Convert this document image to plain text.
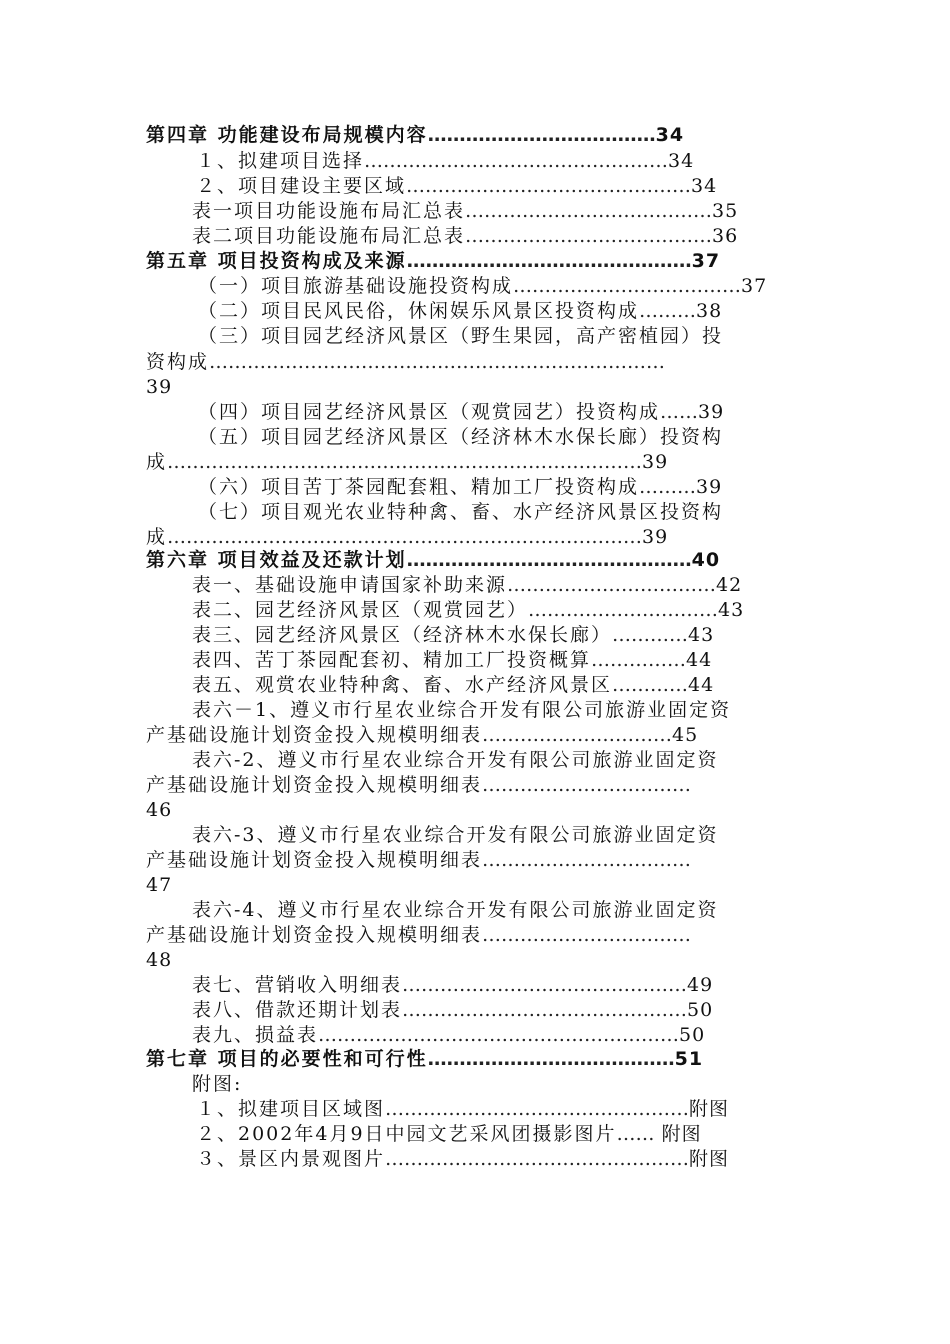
第四章 功能建设布局规模内容………………………………34
１、拟建项目选择…………………………………………34
２、项目建设主要区域………………………………………34
表一项目功能设施布局汇总表…………………………………35
表二项目功能设施布局汇总表…………………………………36
第五章 项目投资构成及来源………………………………………37
（一）项目旅游基础设施投资构成………………………………37
（二）项目民风民俗，休闲娱乐风景区投资构成………38
（三）项目园艺经济风景区（野生果园，高产密植园）投
资构成………………………………………………………………
39
（四）项目园艺经济风景区（观赏园艺）投资构成……39
（五）项目园艺经济风景区（经济林木水保长廊）投资构
成…………………………………………………………………39
（六）项目苦丁茶园配套粗、精加工厂投资构成………39
（七）项目观光农业特种禽、畜、水产经济风景区投资构
成…………………………………………………………………39
第六章 项目效益及还款计划………………………………………40
表一、基础设施申请国家补助来源……………………………42
表二、园艺经济风景区（观赏园艺）…………………………43
表三、园艺经济风景区（经济林木水保长廊）…………43
表四、苦丁茶园配套初、精加工厂投资概算……………44
表五、观赏农业特种禽、畜、水产经济风景区…………44
表六－1、遵义市行星农业综合开发有限公司旅游业固定资
产基础设施计划资金投入规模明细表…………………………45
表六-2、遵义市行星农业综合开发有限公司旅游业固定资
产基础设施计划资金投入规模明细表……………………………
46
表六-3、遵义市行星农业综合开发有限公司旅游业固定资
产基础设施计划资金投入规模明细表……………………………
47
表六-4、遵义市行星农业综合开发有限公司旅游业固定资
产基础设施计划资金投入规模明细表……………………………
48
表七、营销收入明细表………………………………………49
表八、借款还期计划表………………………………………50
表九、损益表…………………………………………………50
第七章 项目的必要性和可行性…………………………………51
附图:
１、拟建项目区域图…………………………………………附图
２、2002年4月9日中园文艺采风团摄影图片…… 附图
３、景区内景观图片…………………………………………附图
